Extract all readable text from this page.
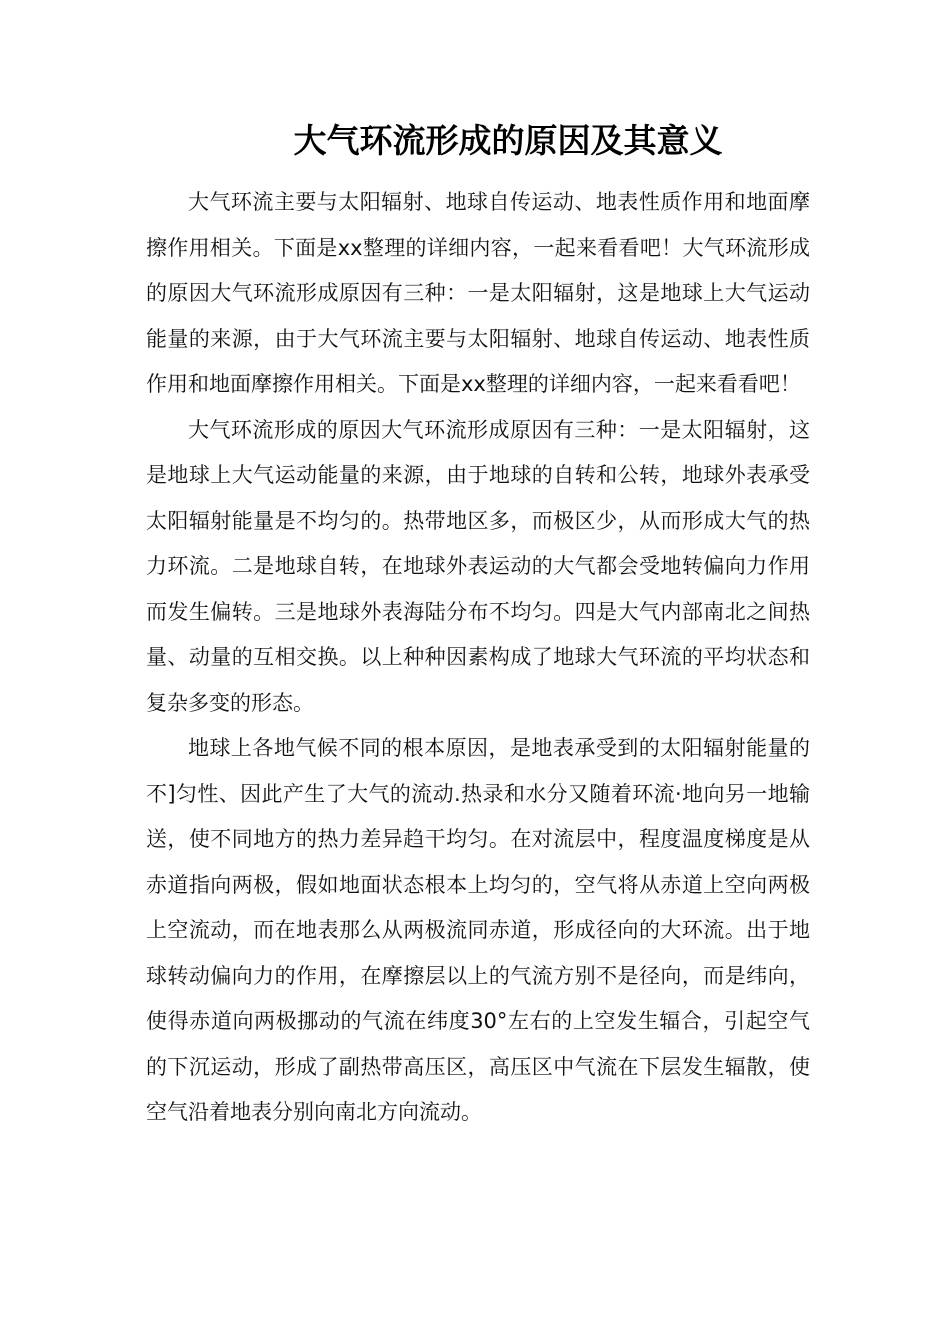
大气环流形成的原因及其意义

大气环流主要与太阳辐射、地球自传运动、地表性质作用和地面摩擦作用相关。下面是xx整理的详细内容，一起来看看吧！大气环流形成的原因大气环流形成原因有三种：一是太阳辐射，这是地球上大气运动能量的来源，由于大气环流主要与太阳辐射、地球自传运动、地表性质作用和地面摩擦作用相关。下面是xx整理的详细内容，一起来看看吧！

大气环流形成的原因大气环流形成原因有三种：一是太阳辐射，这是地球上大气运动能量的来源，由于地球的自转和公转，地球外表承受太阳辐射能量是不均匀的。热带地区多，而极区少，从而形成大气的热力环流。二是地球自转，在地球外表运动的大气都会受地转偏向力作用而发生偏转。三是地球外表海陆分布不均匀。四是大气内部南北之间热量、动量的互相交换。以上种种因素构成了地球大气环流的平均状态和复杂多变的形态。

地球上各地气候不同的根本原因，是地表承受到的太阳辐射能量的不]匀性、因此产生了大气的流动.热录和水分又随着环流·地向另一地输送，使不同地方的热力差异趋干均匀。在对流层中，程度温度梯度是从赤道指向两极，假如地面状态根本上均匀的，空气将从赤道上空向两极上空流动，而在地表那么从两极流同赤道，形成径向的大环流。出于地球转动偏向力的作用，在摩擦层以上的气流方别不是径向，而是纬向，使得赤道向两极挪动的气流在纬度30°左右的上空发生辐合，引起空气的下沉运动，形成了副热带高压区，高压区中气流在下层发生辐散，使空气沿着地表分别向南北方向流动。
